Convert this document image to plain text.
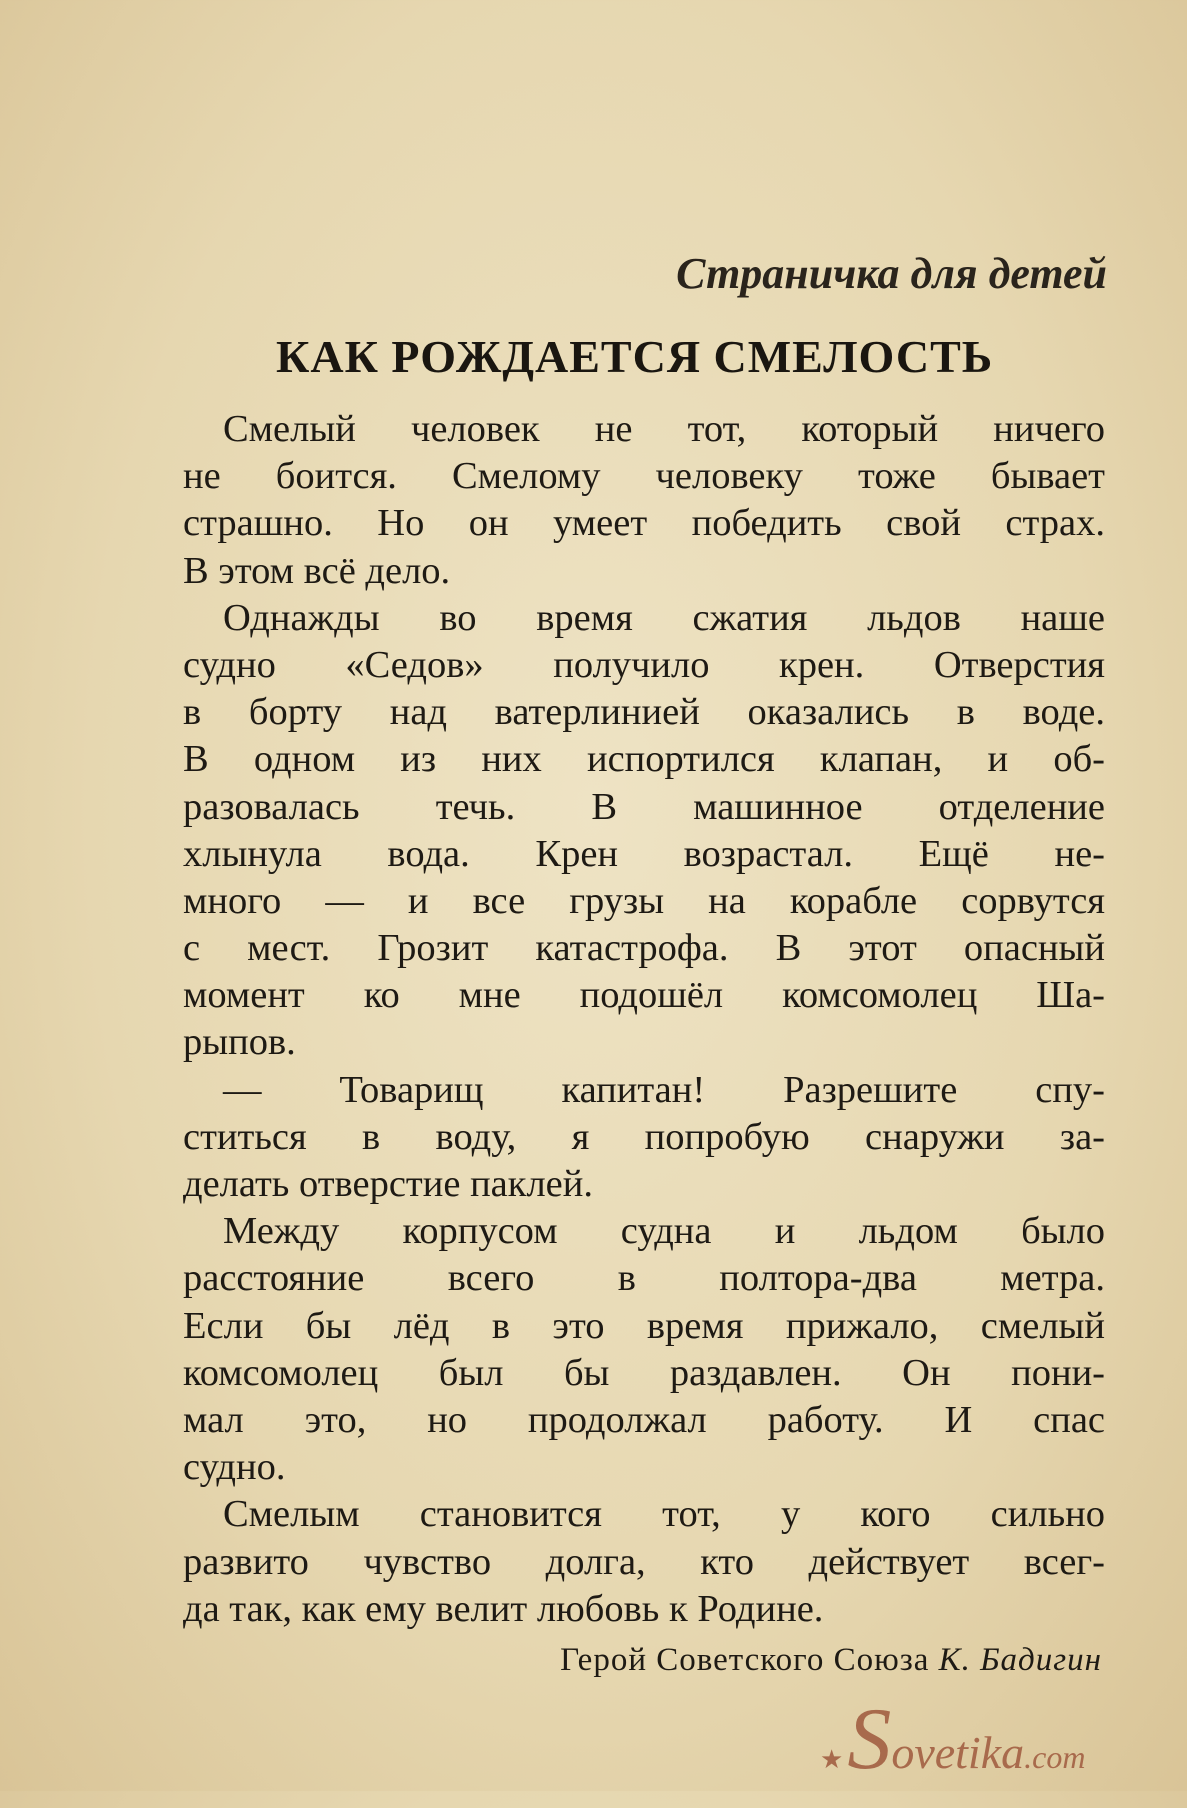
Страничка для детей
КАК РОЖДАЕТСЯ СМЕЛОСТЬ
Смелый человек не тот, который ничего
не боится. Смелому человеку тоже бывает
страшно. Но он умеет победить свой страх.
В этом всё дело.
Однажды во время сжатия льдов наше
судно «Седов» получило крен. Отверстия
в борту над ватерлинией оказались в воде.
В одном из них испортился клапан, и об-
разовалась течь. В машинное отделение
хлынула вода. Крен возрастал. Ещё не-
много — и все грузы на корабле сорвутся
с мест. Грозит катастрофа. В этот опасный
момент ко мне подошёл комсомолец Ша-
рыпов.
— Товарищ капитан! Разрешите спу-
ститься в воду, я попробую снаружи за-
делать отверстие паклей.
Между корпусом судна и льдом было
расстояние всего в полтора-два метра.
Если бы лёд в это время прижало, смелый
комсомолец был бы раздавлен. Он пони-
мал это, но продолжал работу. И спас
судно.
Смелым становится тот, у кого сильно
развито чувство долга, кто действует всег-
да так, как ему велит любовь к Родине.
Герой Советского Союза К. Бадигин
★ S ovetika .com
